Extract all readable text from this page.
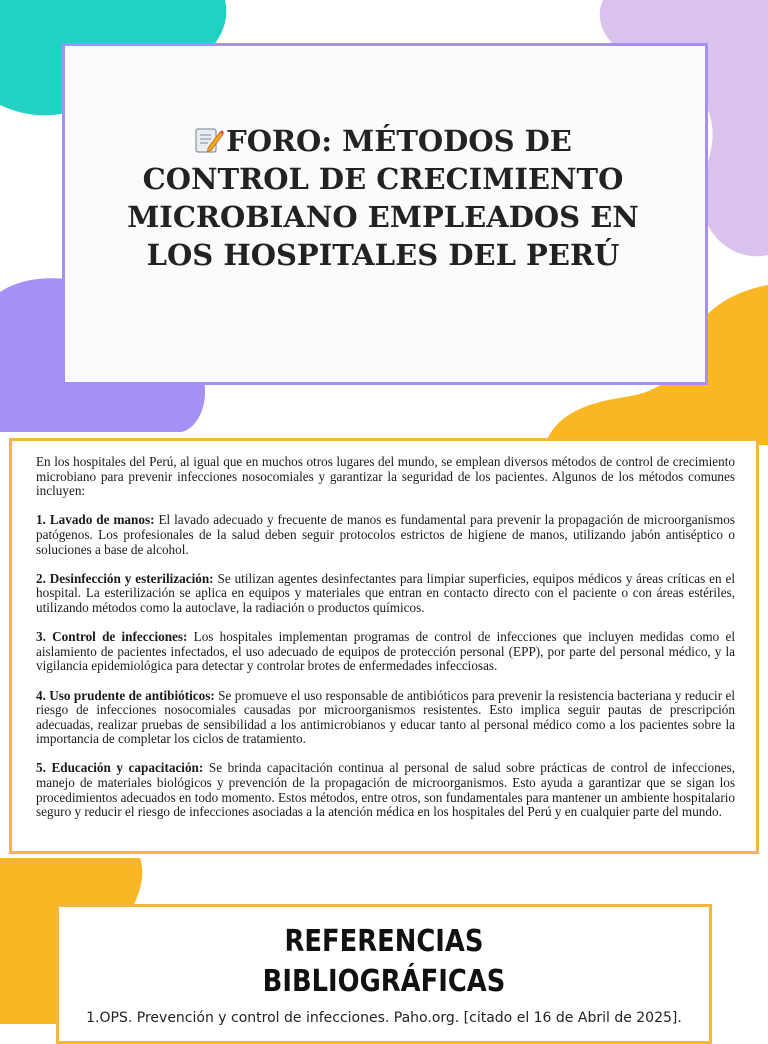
FORO: MÉTODOS DE CONTROL DE CRECIMIENTO MICROBIANO EMPLEADOS EN LOS HOSPITALES DEL PERÚ

En los hospitales del Perú, al igual que en muchos otros lugares del mundo, se emplean diversos métodos de control de crecimiento microbiano para prevenir infecciones nosocomiales y garantizar la seguridad de los pacientes. Algunos de los métodos comunes incluyen:

1. Lavado de manos: El lavado adecuado y frecuente de manos es fundamental para prevenir la propagación de microorganismos patógenos. Los profesionales de la salud deben seguir protocolos estrictos de higiene de manos, utilizando jabón antiséptico o soluciones a base de alcohol.

2. Desinfección y esterilización: Se utilizan agentes desinfectantes para limpiar superficies, equipos médicos y áreas críticas en el hospital. La esterilización se aplica en equipos y materiales que entran en contacto directo con el paciente o con áreas estériles, utilizando métodos como la autoclave, la radiación o productos químicos.

3. Control de infecciones: Los hospitales implementan programas de control de infecciones que incluyen medidas como el aislamiento de pacientes infectados, el uso adecuado de equipos de protección personal (EPP), por parte del personal médico, y la vigilancia epidemiológica para detectar y controlar brotes de enfermedades infecciosas.

4. Uso prudente de antibióticos: Se promueve el uso responsable de antibióticos para prevenir la resistencia bacteriana y reducir el riesgo de infecciones nosocomiales causadas por microorganismos resistentes. Esto implica seguir pautas de prescripción adecuadas, realizar pruebas de sensibilidad a los antimicrobianos y educar tanto al personal médico como a los pacientes sobre la importancia de completar los ciclos de tratamiento.

5. Educación y capacitación: Se brinda capacitación continua al personal de salud sobre prácticas de control de infecciones, manejo de materiales biológicos y prevención de la propagación de microorganismos. Esto ayuda a garantizar que se sigan los procedimientos adecuados en todo momento. Estos métodos, entre otros, son fundamentales para mantener un ambiente hospitalario seguro y reducir el riesgo de infecciones asociadas a la atención médica en los hospitales del Perú y en cualquier parte del mundo.

REFERENCIAS
BIBLIOGRÁFICAS
1.OPS. Prevención y control de infecciones. Paho.org. [citado el 16 de Abril de 2025].
